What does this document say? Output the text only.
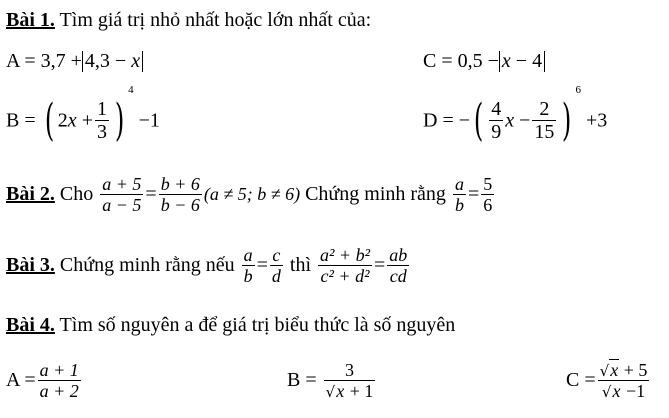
Bài 1. Tìm giá trị nhỏ nhất hoặc lớn nhất của:
A = 3,7 + 4,3 − x	C = 0,5 − x − 4
B = ( $2x + \frac{1}{3} )^4 -1$	D = −( $\frac{4}{9}$ $x - \frac{2}{15} )^6 +3$
Bài 2. Cho $\frac{a + 5}{a - 5} = \frac{b + 6}{b - 6} (a \ne 5$; b ≠ 6) Chứng minh rằng $\frac{a}{b} = \frac{5}{6}$
Bài 3. Chứng minh rằng nếu $\frac{a}{b} = \frac{c}{d}$ thì $\frac{\text{a² + b²}}{\text{c² + d²}} = \frac{ab}{cd}$
Bài 4. Tìm số nguyên a để giá trị biểu thức là số nguyên
$A = \frac{a + 1}{a + 2}$	$B = \frac{3}{√x + 1}$	$C = \frac{√x + 5}{√x -1}$
